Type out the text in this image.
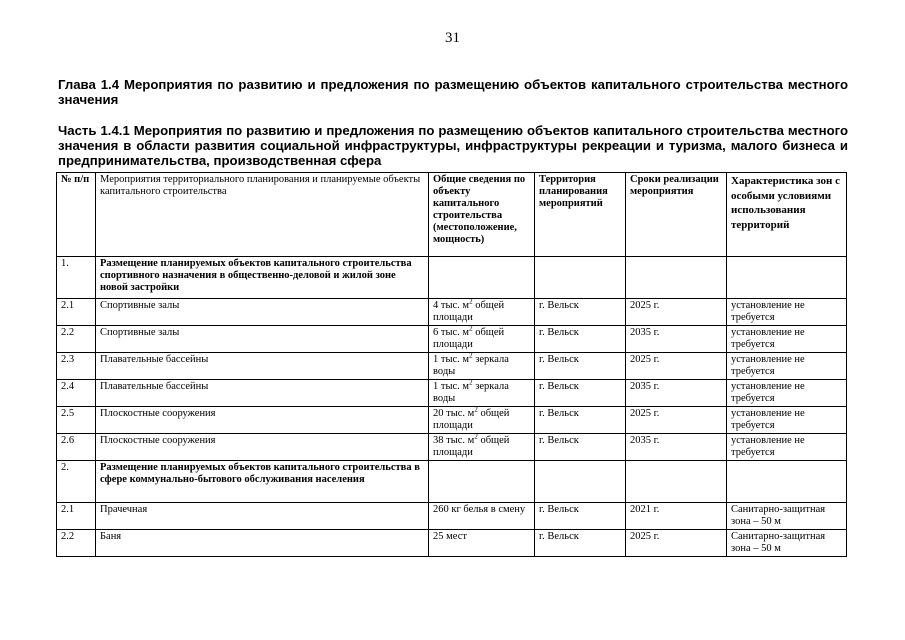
31
Глава 1.4 Мероприятия по развитию и предложения по размещению объектов капитального строительства местного значения
Часть 1.4.1 Мероприятия по развитию и предложения по размещению объектов капитального строительства местного значения в области развития социальной инфраструктуры, инфраструктуры рекреации и туризма, малого бизнеса и предпринимательства, производственная сфера
№ п/п	Мероприятия территориального планирования и планируемые объекты капитального строительства	Общие сведения по объекту капитального строительства (местоположение, мощность)	Территория планирования мероприятий	Сроки реализации мероприятия	Характеристика зон с особыми условиями использования территорий
1.	Размещение планируемых объектов капитального строительства спортивного назначения в общественно-деловой и жилой зоне новой застройки				
2.1	Спортивные залы	4 тыс. $м^2$ общей площади	г. Вельск	2025 г.	установление не требуется
2.2	Спортивные залы	6 тыс. $м^2$ общей площади	г. Вельск	2035 г.	установление не требуется
2.3	Плавательные бассейны	1 тыс. $м^2$ зеркала воды	г. Вельск	2025 г.	установление не требуется
2.4	Плавательные бассейны	1 тыс. $м^2$ зеркала воды	г. Вельск	2035 г.	установление не требуется
2.5	Плоскостные сооружения	20 тыс. $м^2$ общей площади	г. Вельск	2025 г.	установление не требуется
2.6	Плоскостные сооружения	38 тыс. $м^2$ общей площади	г. Вельск	2035 г.	установление не требуется
2.	Размещение планируемых объектов капитального строительства в сфере коммунально-бытового обслуживания населения				
2.1	Прачечная	260 кг белья в смену	г. Вельск	2021 г.	Санитарно-защитная зона – 50 м
2.2	Баня	25 мест	г. Вельск	2025 г.	Санитарно-защитная зона – 50 м
